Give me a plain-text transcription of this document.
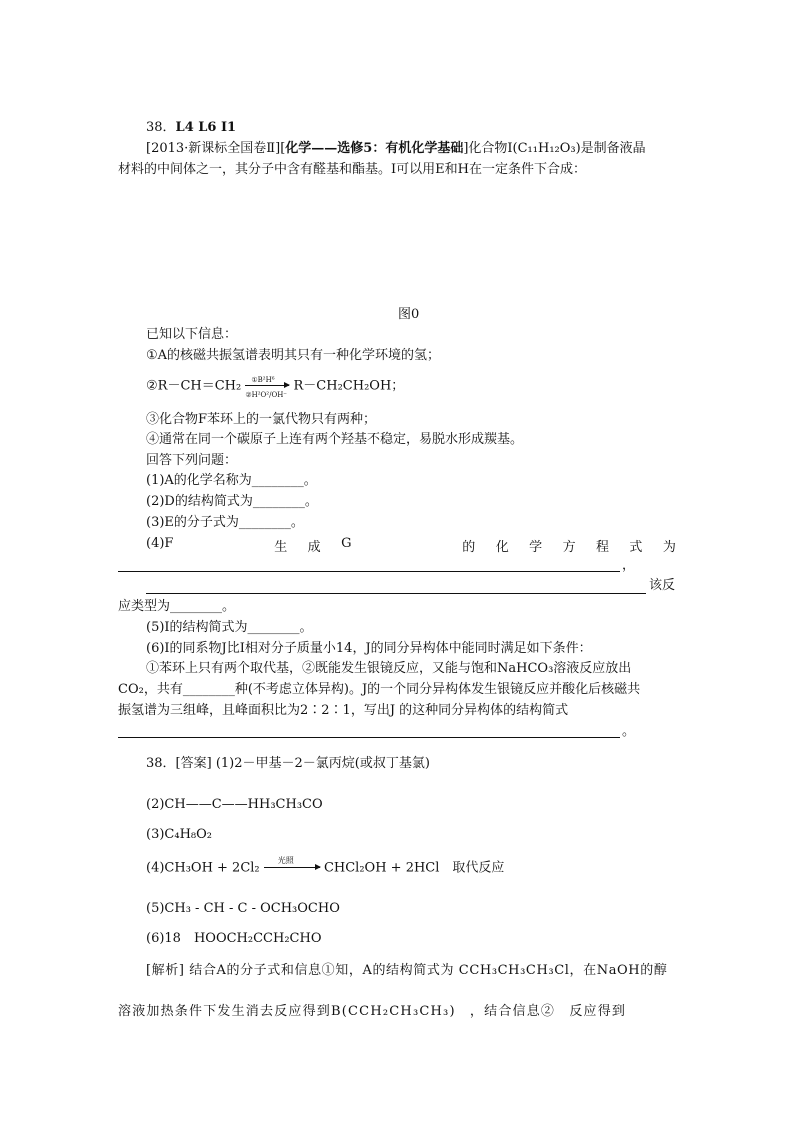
38．L4 L6 I1
[2013·新课标全国卷Ⅱ][化学——选修5：有机化学基础]化合物I(C₁₁H₁₂O₃)是制备液晶
材料的中间体之一，其分子中含有醛基和酯基。I可以用E和H在一定条件下合成：
图0
已知以下信息：
①A的核磁共振氢谱表明其只有一种化学环境的氢；
②R－CH＝CH₂ $\frac{\text{①B²H⁶}}{\text{②H²O²/OH⁻}} R-CH_2CH_2OH$；
③化合物F苯环上的一氯代物只有两种；
④通常在同一个碳原子上连有两个羟基不稳定，易脱水形成羰基。
回答下列问题：
(1)A的化学名称为________。
(2)D的结构简式为________。
(3)E的分子式为________。
(4)F	生 成 G	的 化 学 方 程 式 为
，
该反
应类型为________。
(5)I的结构简式为________。
(6)I的同系物J比I相对分子质量小14，J的同分异构体中能同时满足如下条件：
①苯环上只有两个取代基，②既能发生银镜反应，又能与饱和NaHCO₃溶液反应放出
CO₂，共有________种(不考虑立体异构)。J的一个同分异构体发生银镜反应并酸化后核磁共
振氢谱为三组峰，且峰面积比为2∶2∶1，写出J 的这种同分异构体的结构简式
。
38．[答案] (1)2－甲基－2－氯丙烷(或叔丁基氯)
(2)CH——C——HH₃CH₃CO
(3)C₄H₈O₂
(4)CH₃OH + 2Cl₂ 光照 CHCl₂OH + 2HCl　取代反应
(5)CH₃ - CH - C - OCH₃OCHO
(6)18　HOOCH₂CCH₂CHO
[解析] 结合A的分子式和信息①知，A的结构简式为 CCH₃CH₃CH₃Cl，在NaOH的醇
溶液加热条件下发生消去反应得到B(CCH₂CH₃CH₃)　，结合信息②　反应得到
